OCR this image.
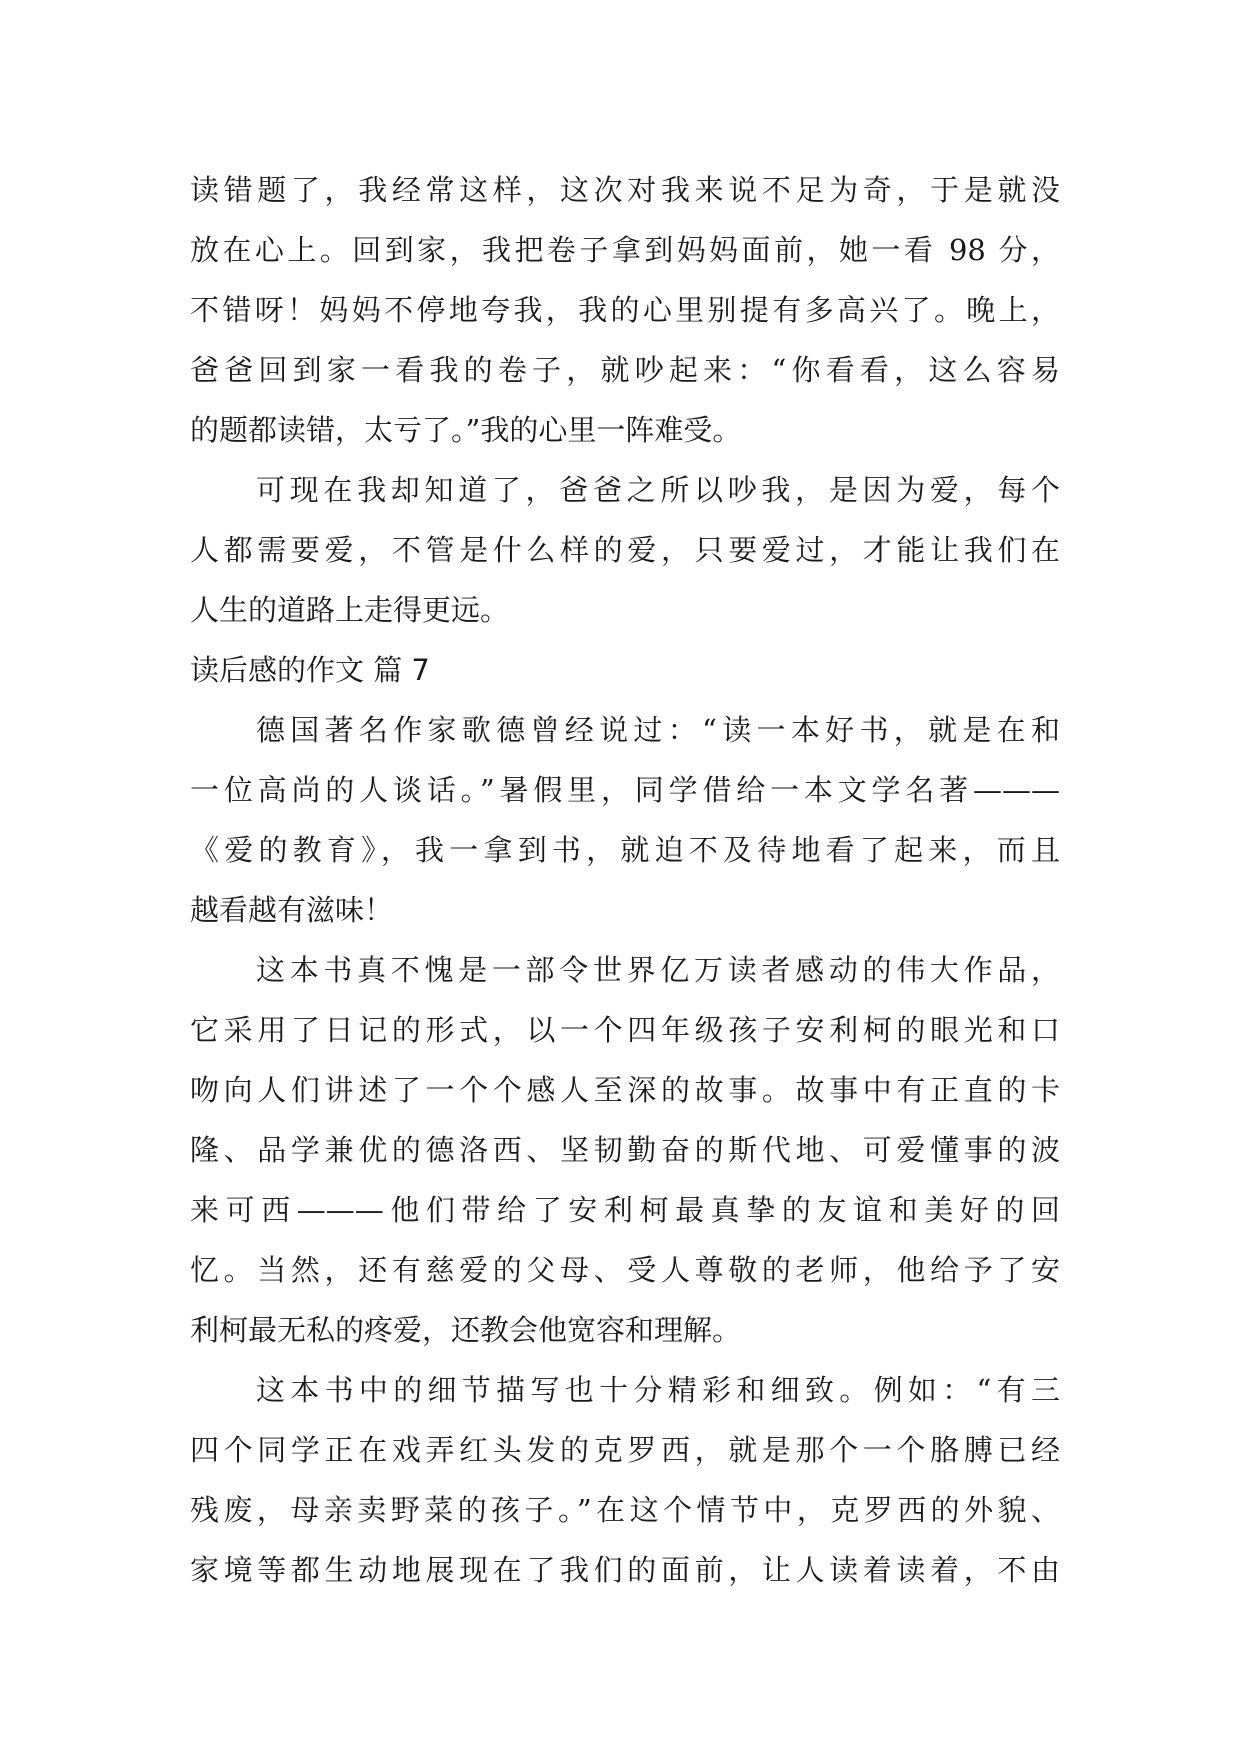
读错题了，我经常这样，这次对我来说不足为奇，于是就没
放在心上。回到家，我把卷子拿到妈妈面前，她一看 98 分，
不错呀！妈妈不停地夸我，我的心里别提有多高兴了。晚上，
爸爸回到家一看我的卷子，就吵起来：“你看看，这么容易
的题都读错，太亏了。”我的心里一阵难受。
可现在我却知道了，爸爸之所以吵我，是因为爱，每个
人都需要爱，不管是什么样的爱，只要爱过，才能让我们在
人生的道路上走得更远。
读后感的作文 篇 7
德国著名作家歌德曾经说过：“读一本好书，就是在和
一位高尚的人谈话。”暑假里，同学借给一本文学名著———
《爱的教育》，我一拿到书，就迫不及待地看了起来，而且
越看越有滋味！
这本书真不愧是一部令世界亿万读者感动的伟大作品，
它采用了日记的形式，以一个四年级孩子安利柯的眼光和口
吻向人们讲述了一个个感人至深的故事。故事中有正直的卡
隆、品学兼优的德洛西、坚韧勤奋的斯代地、可爱懂事的波
来可西———他们带给了安利柯最真挚的友谊和美好的回
忆。当然，还有慈爱的父母、受人尊敬的老师，他给予了安
利柯最无私的疼爱，还教会他宽容和理解。
这本书中的细节描写也十分精彩和细致。例如：“有三
四个同学正在戏弄红头发的克罗西，就是那个一个胳膊已经
残废，母亲卖野菜的孩子。”在这个情节中，克罗西的外貌、
家境等都生动地展现在了我们的面前，让人读着读着，不由
